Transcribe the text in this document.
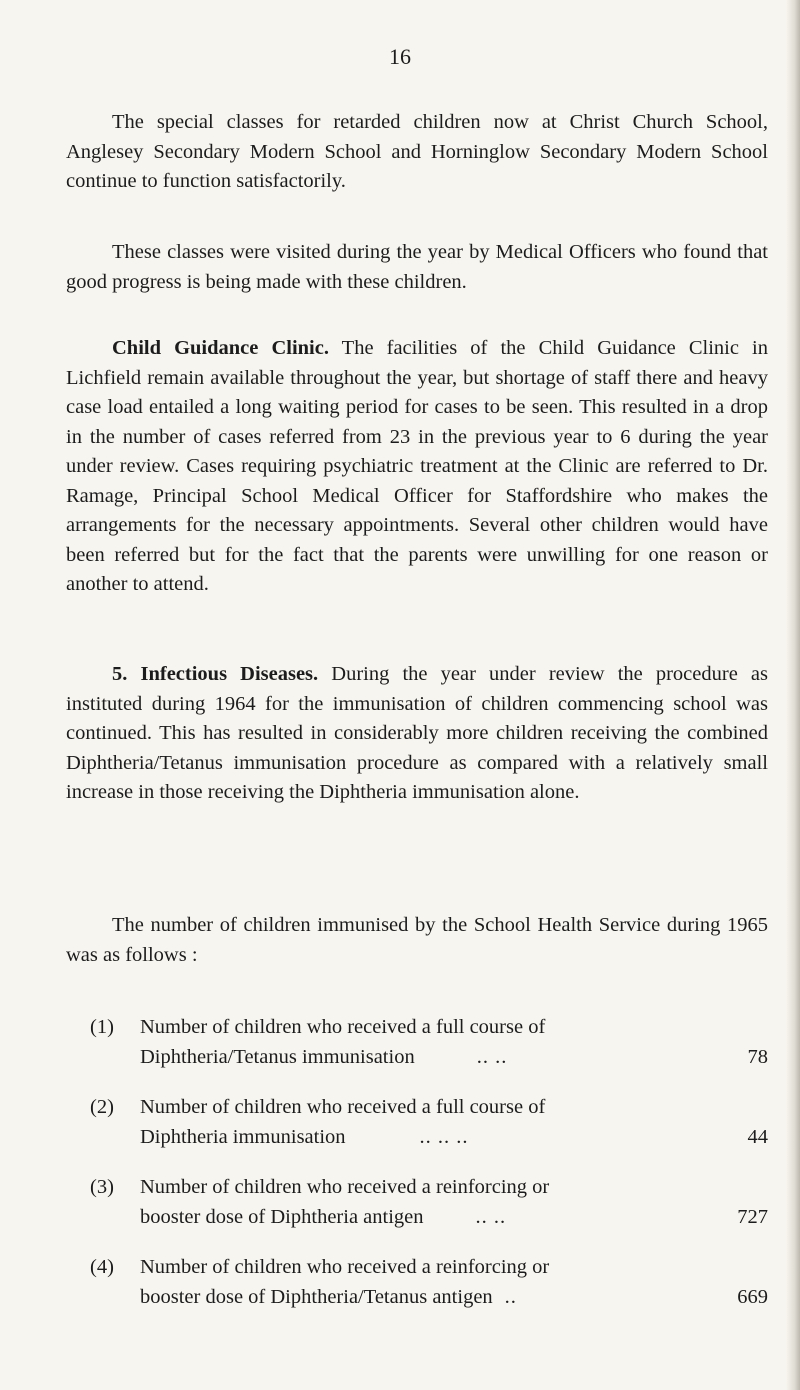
16

The special classes for retarded children now at Christ Church School, Anglesey Secondary Modern School and Horninglow Secondary Modern School continue to function satisfactorily.

These classes were visited during the year by Medical Officers who found that good progress is being made with these children.

Child Guidance Clinic. The facilities of the Child Guidance Clinic in Lichfield remain available throughout the year, but shortage of staff there and heavy case load entailed a long waiting period for cases to be seen. This resulted in a drop in the number of cases referred from 23 in the previous year to 6 during the year under review. Cases requiring psychiatric treatment at the Clinic are referred to Dr. Ramage, Principal School Medical Officer for Staffordshire who makes the arrangements for the necessary appointments. Several other children would have been referred but for the fact that the parents were unwilling for one reason or another to attend.

5. Infectious Diseases. During the year under review the procedure as instituted during 1964 for the immunisation of children commencing school was continued. This has resulted in considerably more children receiving the combined Diphtheria/Tetanus immunisation procedure as compared with a relatively small increase in those receiving the Diphtheria immunisation alone.

The number of children immunised by the School Health Service during 1965 was as follows :

(1) Number of children who received a full course of
Diphtheria/Tetanus immunisation	.. ..	78
(2) Number of children who received a full course of
Diphtheria immunisation	.. .. ..	44
(3) Number of children who received a reinforcing or
booster dose of Diphtheria antigen	.. ..	727
(4) Number of children who received a reinforcing or
booster dose of Diphtheria/Tetanus antigen ..	669
